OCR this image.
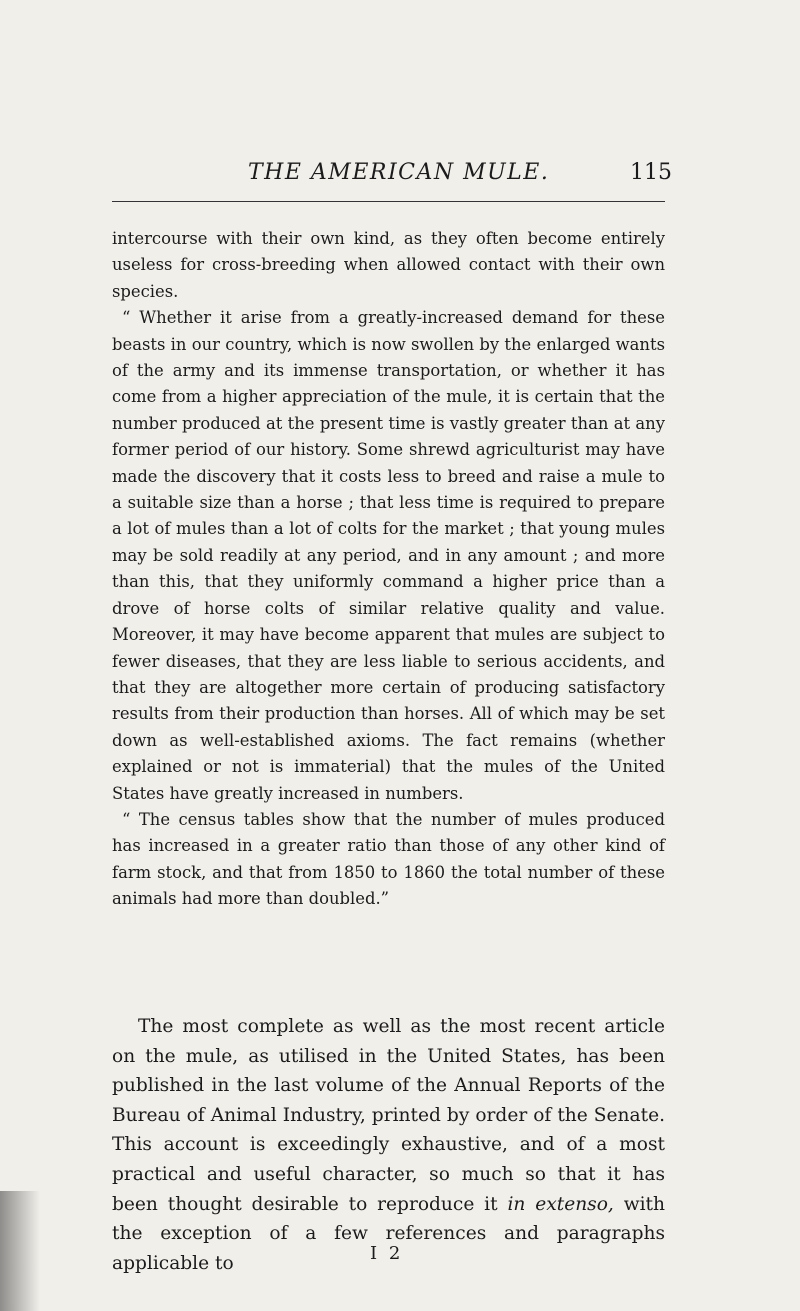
THE AMERICAN MULE.	115

intercourse with their own kind, as they often become entirely useless for cross-breeding when allowed contact with their own species.

“ Whether it arise from a greatly-increased demand for these beasts in our country, which is now swollen by the enlarged wants of the army and its immense transportation, or whether it has come from a higher appreciation of the mule, it is certain that the number produced at the present time is vastly greater than at any former period of our history. Some shrewd agriculturist may have made the discovery that it costs less to breed and raise a mule to a suitable size than a horse ; that less time is required to prepare a lot of mules than a lot of colts for the market ; that young mules may be sold readily at any period, and in any amount ; and more than this, that they uniformly command a higher price than a drove of horse colts of similar relative quality and value. Moreover, it may have become apparent that mules are subject to fewer diseases, that they are less liable to serious accidents, and that they are altogether more certain of producing satisfactory results from their production than horses. All of which may be set down as well-established axioms. The fact remains (whether explained or not is immaterial) that the mules of the United States have greatly increased in numbers.

“ The census tables show that the number of mules produced has increased in a greater ratio than those of any other kind of farm stock, and that from 1850 to 1860 the total number of these animals had more than doubled.”

The most complete as well as the most recent article on the mule, as utilised in the United States, has been published in the last volume of the Annual Reports of the Bureau of Animal Industry, printed by order of the Senate. This account is exceedingly exhaustive, and of a most practical and useful character, so much so that it has been thought desirable to reproduce it in extenso, with the exception of a few references and paragraphs applicable to	I 2
